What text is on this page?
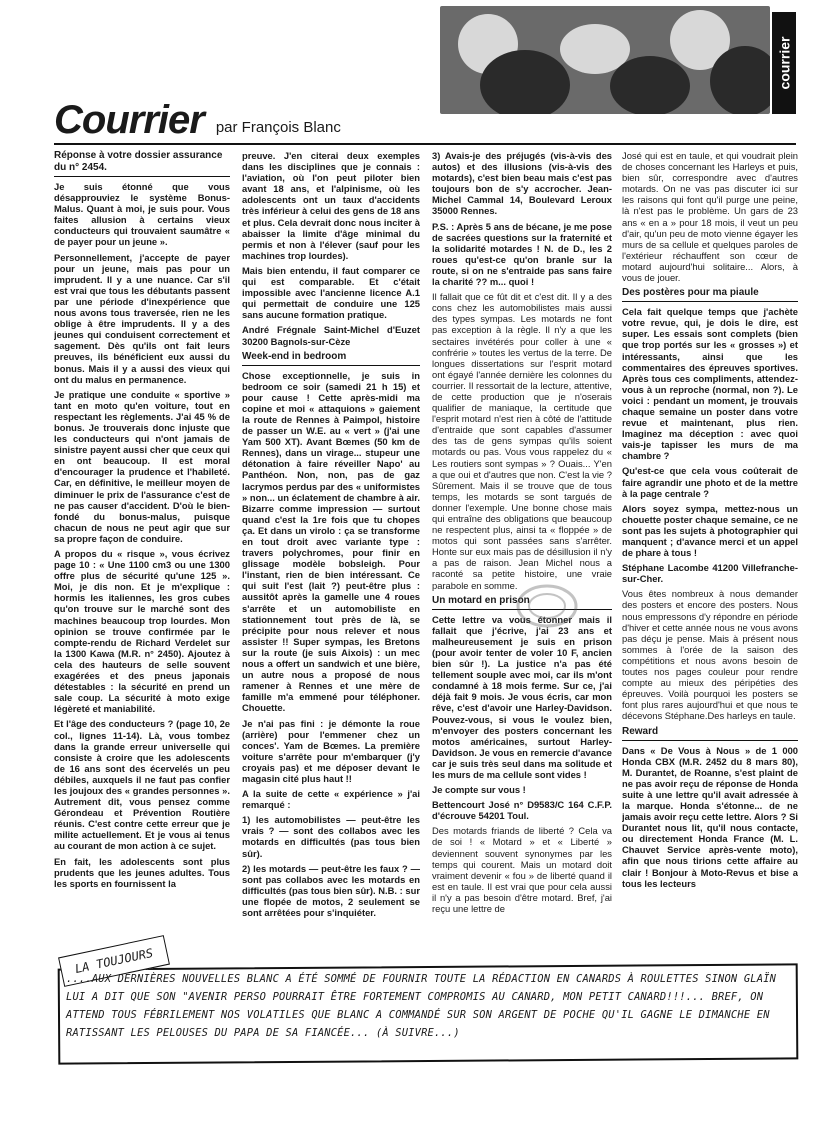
courrier
Courrier par François Blanc
Réponse à votre dossier assurance du n° 2454.

Je suis étonné que vous désapprouviez le système Bonus-Malus. Quant à moi, je suis pour. Vous faites allusion à certains vieux conducteurs qui trouvaient saumâtre « de payer pour un jeune ».

Personnellement, j'accepte de payer pour un jeune, mais pas pour un imprudent. Il y a une nuance. Car s'il est vrai que tous les débutants passent par une période d'inexpérience que nous avons tous traversée, rien ne les oblige à être imprudents. Il y a des jeunes qui conduisent correctement et sagement. Dès qu'ils ont fait leurs preuves, ils bénéficient eux aussi du bonus. Mais il y a aussi des vieux qui ont du malus en permanence.

Je pratique une conduite « sportive » tant en moto qu'en voiture, tout en respectant les règlements. J'ai 45 % de bonus. Je trouverais donc injuste que les conducteurs qui n'ont jamais de sinistre payent aussi cher que ceux qui en ont beaucoup. Il est moral d'encourager la prudence et l'habileté. Car, en définitive, le meilleur moyen de diminuer le prix de l'assurance c'est de ne pas causer d'accident. D'où le bien-fondé du bonus-malus, puisque chacun de nous ne peut agir que sur sa propre façon de conduire.

A propos du « risque », vous écrivez page 10 : « Une 1100 cm3 ou une 1300 offre plus de sécurité qu'une 125 ». Moi, je dis non. Et je m'explique : hormis les italiennes, les gros cubes qu'on trouve sur le marché sont des machines beaucoup trop lourdes. Mon opinion se trouve confirmée par le compte-rendu de Richard Verdelet sur la 1300 Kawa (M.R. n° 2450). Ajoutez à cela des hauteurs de selle souvent exagérées et des pneus japonais détestables : la sécurité en prend un sale coup. La sécurité à moto exige légèreté et maniabilité.

Et l'âge des conducteurs ? (page 10, 2e col., lignes 11-14). Là, vous tombez dans la grande erreur universelle qui consiste à croire que les adolescents de 16 ans sont des écervelés un peu débiles, auxquels il ne faut pas confier les joujoux des « grandes personnes ». Autrement dit, vous pensez comme Gérondeau et Prévention Routière réunis. C'est contre cette erreur que je milite actuellement. Et je vous ai tenus au courant de mon action à ce sujet.

En fait, les adolescents sont plus prudents que les jeunes adultes. Tous les sports en fournissent la

preuve. J'en citerai deux exemples dans les disciplines que je connais : l'aviation, où l'on peut piloter bien avant 18 ans, et l'alpinisme, où les adolescents ont un taux d'accidents très inférieur à celui des gens de 18 ans et plus. Cela devrait donc nous inciter à abaisser la limite d'âge minimal du permis et non à l'élever (sauf pour les machines trop lourdes).

Mais bien entendu, il faut comparer ce qui est comparable. Et c'était impossible avec l'ancienne licence A.1 qui permettait de conduire une 125 sans aucune formation pratique.

André Frégnale Saint-Michel d'Euzet 30200 Bagnols-sur-Cèze

Week-end in bedroom

Chose exceptionnelle, je suis in bedroom ce soir (samedi 21 h 15) et pour cause ! Cette après-midi ma copine et moi « attaquions » gaiement la route de Rennes à Paimpol, histoire de passer un W.E. au « vert » (j'ai une Yam 500 XT). Avant Bœmes (50 km de Rennes), dans un virage... stupeur une détonation à faire réveiller Napo' au Panthéon. Non, non, pas de gaz lacrymos perdus par des « uniformistes » non... un éclatement de chambre à air. Bizarre comme impression — surtout quand c'est la 1re fois que tu chopes ça. Et dans un virolo : ça se transforme en tout droit avec variante type : travers polychromes, pour finir en glissage modèle bobsleigh. Pour l'instant, rien de bien intéressant. Ce qui suit l'est (lait ?) peut-être plus : aussitôt après la gamelle une 4 roues s'arrête et un automobiliste en stationnement tout près de là, se précipite pour nous relever et nous assister !! Super sympas, les Bretons sur la route (je suis Aixois) : un mec nous a offert un sandwich et une bière, un autre nous a proposé de nous ramener à Rennes et une mère de famille m'a emmené pour téléphoner. Chouette.

Je n'ai pas fini : je démonte la roue (arrière) pour l'emmener chez un conces'. Yam de Bœmes. La première voiture s'arrête pour m'embarquer (j'y croyais pas) et me déposer devant le magasin cité plus haut !!

A la suite de cette « expérience » j'ai remarqué :

1) les automobilistes — peut-être les vrais ? — sont des collabos avec les motards en difficultés (pas tous bien sûr).

2) les motards — peut-être les faux ? — sont pas collabos avec les motards en difficultés (pas tous bien sûr). N.B. : sur une flopée de motos, 2 seulement se sont arrêtées pour s'inquiéter.

3) Avais-je des préjugés (vis-à-vis des autos) et des illusions (vis-à-vis des motards), c'est bien beau mais c'est pas toujours bon de s'y accrocher. Jean-Michel Cammal 14, Boulevard Leroux 35000 Rennes.

P.S. : Après 5 ans de bécane, je me pose de sacrées questions sur la fraternité et la solidarité motardes ! N. de D., les 2 roues qu'est-ce qu'on branle sur la route, si on ne s'entraide pas sans faire la charité ?? m... quoi !

Il fallait que ce fût dit et c'est dit. Il y a des cons chez les automobilistes mais aussi des types sympas. Les motards ne font pas exception à la règle. Il n'y a que les sectaires invétérés pour coller à une « confrérie » toutes les vertus de la terre. De longues dissertations sur l'esprit motard ont égayé l'année dernière les colonnes du courrier. Il ressortait de la lecture, attentive, de cette production que je n'oserais qualifier de maniaque, la certitude que l'esprit motard n'est rien à côté de l'attitude d'entraide que sont capables d'assumer des tas de gens sympas qu'ils soient motards ou pas. Vous vous rappelez du « Les routiers sont sympas » ? Ouais... Y'en a que oui et d'autres que non. C'est la vie ? Sûrement. Mais il se trouve que de tous temps, les motards se sont targués de donner l'exemple. Une bonne chose mais qui entraîne des obligations que beaucoup ne respectent plus, ainsi ta « floppée » de motos qui sont passées sans s'arrêter. Honte sur eux mais pas de désillusion il n'y a pas de raison. Jean Michel nous a raconté sa petite histoire, une vraie parabole en somme.

Un motard en prison

Cette lettre va vous étonner mais il fallait que j'écrive, j'ai 23 ans et malheureusement je suis en prison (pour avoir tenter de voler 10 F, ancien bien sûr !). La justice n'a pas été tellement souple avec moi, car ils m'ont condamné à 18 mois ferme. Sur ce, j'ai déjà fait 9 mois. Je vous écris, car mon rêve, c'est d'avoir une Harley-Davidson. Pouvez-vous, si vous le voulez bien, m'envoyer des posters concernant les motos américaines, surtout Harley-Davidson. Je vous en remercie d'avance car je suis très seul dans ma solitude et les murs de ma cellule sont vides !

Je compte sur vous !

Bettencourt José n° D9583/C 164 C.F.P. d'écrouve 54201 Toul.

Des motards friands de liberté ? Cela va de soi ! « Motard » et « Liberté » deviennent souvent synonymes par les temps qui courent. Mais un motard doit vraiment devenir « fou » de liberté quand il est en taule. Il est vrai que pour cela aussi il n'y a pas besoin d'être motard. Bref, j'ai reçu une lettre de

José qui est en taule, et qui voudrait plein de choses concernant les Harleys et puis, bien sûr, correspondre avec d'autres motards. On ne vas pas discuter ici sur les raisons qui font qu'il purge une peine, là n'est pas le problème. Un gars de 23 ans « en a » pour 18 mois, il veut un peu d'air, qu'un peu de moto vienne égayer les murs de sa cellule et quelques paroles de l'extérieur réchauffent son cœur de motard aujourd'hui solitaire... Alors, à vous de jouer.

Des postères pour ma piaule

Cela fait quelque temps que j'achète votre revue, qui, je dois le dire, est super. Les essais sont complets (bien que trop portés sur les « grosses ») et intéressants, ainsi que les commentaires des épreuves sportives. Après tous ces compliments, attendez-vous à un reproche (normal, non ?). Le voici : pendant un moment, je trouvais chaque semaine un poster dans votre revue et maintenant, plus rien. Imaginez ma déception : avec quoi vais-je tapisser les murs de ma chambre ?

Qu'est-ce que cela vous coûterait de faire agrandir une photo et de la mettre à la page centrale ?

Alors soyez sympa, mettez-nous un chouette poster chaque semaine, ce ne sont pas les sujets à photographier qui manquent ; d'avance merci et un appel de phare à tous !

Stéphane Lacombe 41200 Villefranche-sur-Cher.

Vous êtes nombreux à nous demander des posters et encore des posters. Nous nous empressons d'y répondre en période d'hiver et cette année nous ne vous avons pas déçu je pense. Mais à présent nous sommes à l'orée de la saison des compétitions et nous avons besoin de toutes nos pages couleur pour rendre compte au mieux des péripéties des épreuves. Voilà pourquoi les posters se font plus rares aujourd'hui et que nous te décevons Stéphane.Des harleys en taule.

Reward

Dans « De Vous à Nous » de 1 000 Honda CBX (M.R. 2452 du 8 mars 80), M. Durantet, de Roanne, s'est plaint de ne pas avoir reçu de réponse de Honda suite à une lettre qu'il avait adressée à la marque. Honda s'étonne... de ne jamais avoir reçu cette lettre. Alors ? Si Durantet nous lit, qu'il nous contacte, ou directement Honda France (M. L. Chauvet Service après-vente moto), afin que nous tirions cette affaire au clair ! Bonjour à Moto-Revus et bise a tous les lecteurs

LA TOUJOURS
....AUX DERNIÈRES NOUVELLES BLANC A ÉTÉ SOMMÉ DE FOURNIR TOUTE LA RÉDACTION EN CANARDS À ROULETTES SINON GLAÏN LUI A DIT QUE SON "AVENIR PERSO POURRAIT ÊTRE FORTEMENT COMPROMIS AU CANARD, MON PETIT CANARD!!!... BREF, ON ATTEND TOUS FÉBRILEMENT NOS VOLATILES QUE BLANC A COMMANDÉ SUR SON ARGENT DE POCHE QU'IL GAGNE LE DIMANCHE EN RATISSANT LES PELOUSES DU PAPA DE SA FIANCÉE... (À SUIVRE...)
